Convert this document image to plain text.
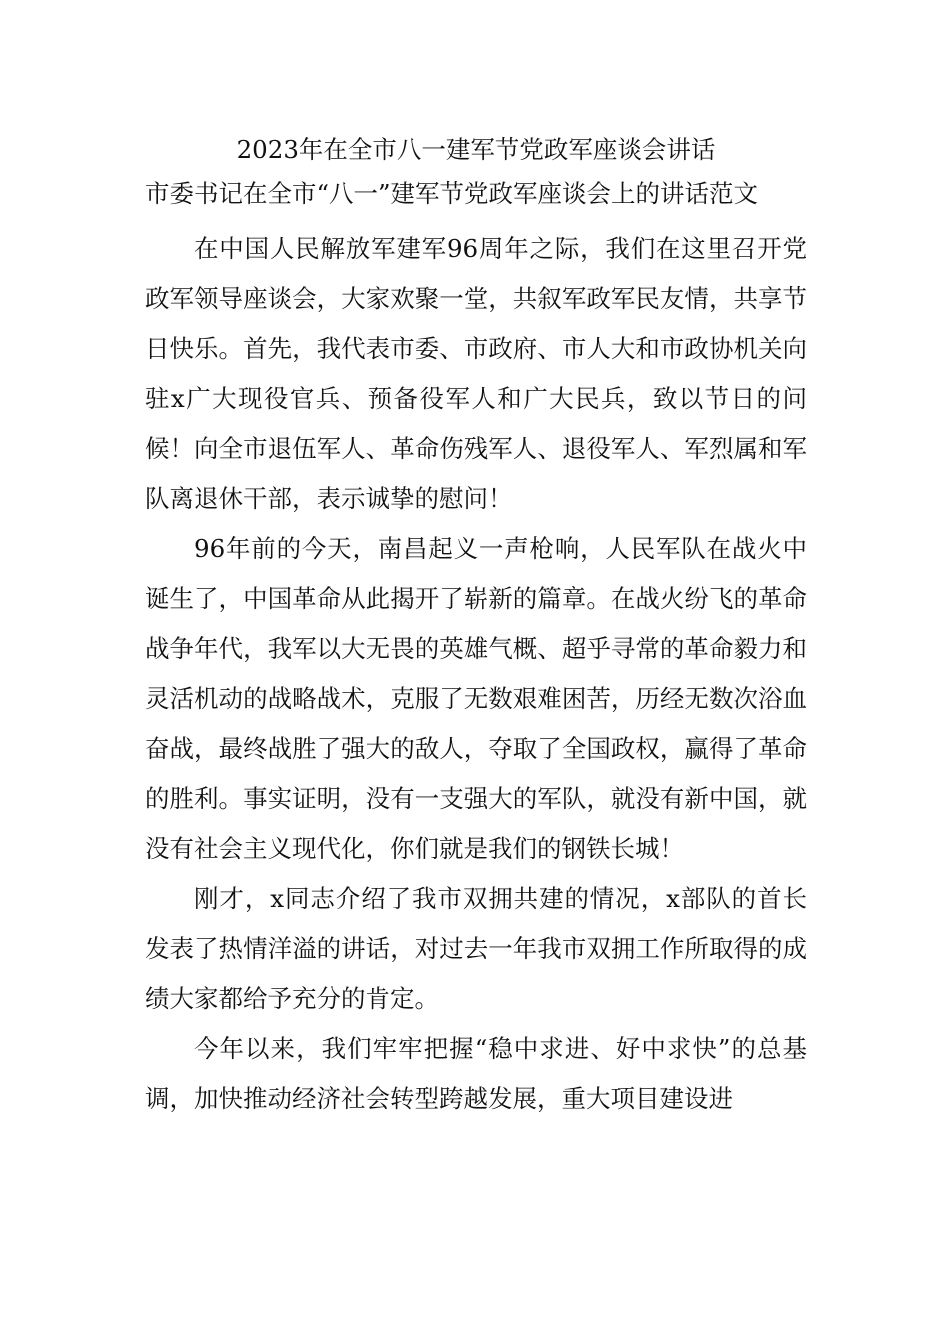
2023年在全市八一建军节党政军座谈会讲话

市委书记在全市“八一”建军节党政军座谈会上的讲话范文

在中国人民解放军建军96周年之际，我们在这里召开党政军领导座谈会，大家欢聚一堂，共叙军政军民友情，共享节日快乐。首先，我代表市委、市政府、市人大和市政协机关向驻x广大现役官兵、预备役军人和广大民兵，致以节日的问候！向全市退伍军人、革命伤残军人、退役军人、军烈属和军队离退休干部，表示诚挚的慰问！

96年前的今天，南昌起义一声枪响，人民军队在战火中诞生了，中国革命从此揭开了崭新的篇章。在战火纷飞的革命战争年代，我军以大无畏的英雄气概、超乎寻常的革命毅力和灵活机动的战略战术，克服了无数艰难困苦，历经无数次浴血奋战，最终战胜了强大的敌人，夺取了全国政权，赢得了革命的胜利。事实证明，没有一支强大的军队，就没有新中国，就没有社会主义现代化，你们就是我们的钢铁长城！

刚才，x同志介绍了我市双拥共建的情况，x部队的首长发表了热情洋溢的讲话，对过去一年我市双拥工作所取得的成绩大家都给予充分的肯定。

今年以来，我们牢牢把握“稳中求进、好中求快”的总基调，加快推动经济社会转型跨越发展，重大项目建设进
